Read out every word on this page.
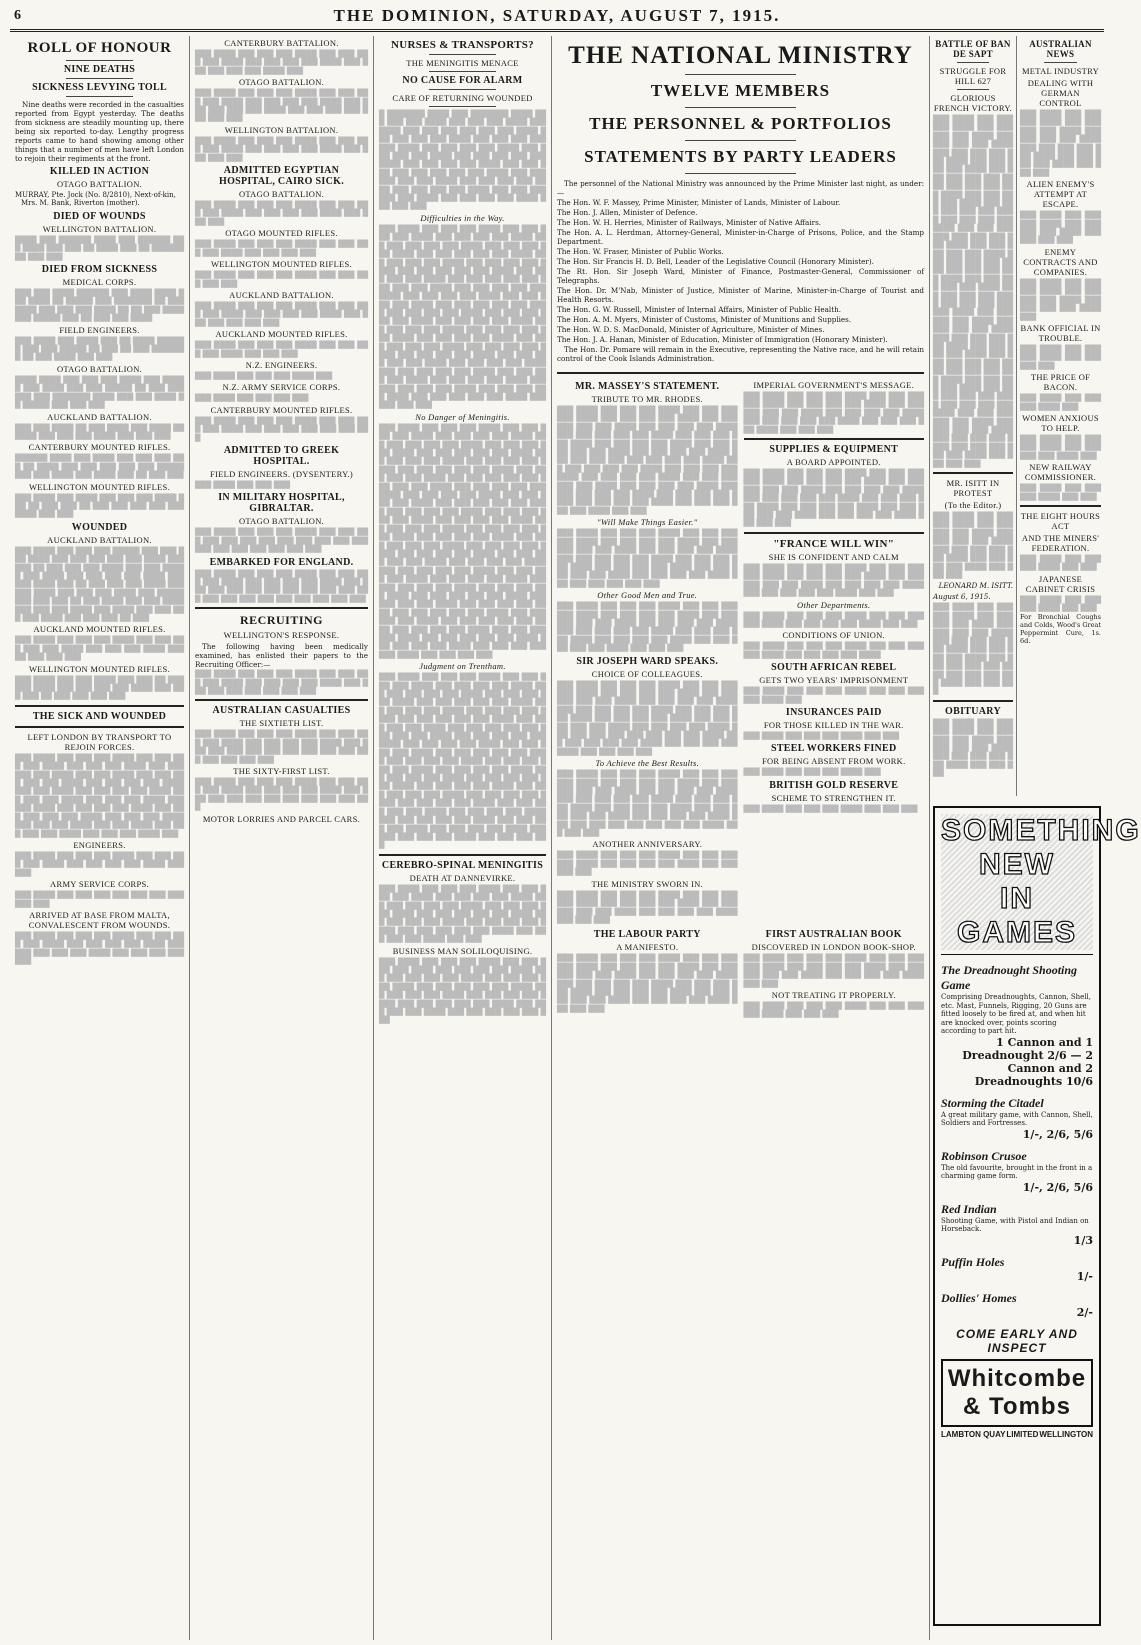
6	THE DOMINION, SATURDAY, AUGUST 7, 1915.
ROLL OF HONOUR
NINE DEATHS
SICKNESS LEVYING TOLL

Nine deaths were recorded in the casualties reported from Egypt yesterday. The deaths from sickness are steadily mounting up, there being six reported to-day. Lengthy progress reports came to hand showing among other things that a number of men have left London to rejoin their regiments at the front.

KILLED IN ACTION
OTAGO BATTALION.

MURRAY, Pte. Jock (No. 8/2810), Next-of-kin, Mrs. M. Bank, Riverton (mother).

DIED OF WOUNDS
WELLINGTON BATTALION.

████ ███ ██████ ████ ███ ██████ ███ ████ ███ ███ ██ ████ ███ ██ ████████ ███ ███

DIED FROM SICKNESS
MEDICAL CORPS.

███ ███ ████ ██████ ███ ████ ████ ███ ████ ██ █████ ███ ███████ ██ ███ ████ ███ ███ ███ ████ ██ ██ ███ ███████ █████ ███ ██ ███ ███ ████

FIELD ENGINEERS.

███ ████ ███ ████ ███ ██ ████ ██████ ███ ███ █████ ██ ███ ██ ███ ███████ ██ ███ ████ ███ ███

OTAGO BATTALION.

████ ████ ███ ███ ███ ████ ███ █████ ███ ████ ███ ███ █████ ██ ███ ███ ███ ███ ███████ ████ ███ ███ ████ ██ █████ ███ ███ ███

AUCKLAND BATTALION.

███ ███ ████ ██ ███ ████ ███ ████ ██ ████ ███ ███ ███ ████ ███ ███ ███

CANTERBURY MOUNTED RIFLES.

██████ ████ ███ ████ ███ ███ ███ ███ ██ ████ ███ ███ ███ ███ ███ █████ ███ ███ ████ ███ ████ ███ ██ ███ ███

WELLINGTON MOUNTED RIFLES.

███ ████ ███ ████ ███ ███ ███ ████ ███ ██ ███ ███ ██ ███ ███ ███ ███ ███ ████ ███ ███

WOUNDED
AUCKLAND BATTALION.

███ ████ ███ ███ ███ █████ ███ ███ ███ ████ ███ ███ ███ ███ ███ ████ ███ ███ ██ ███ ███ ███ ████ ███ ███ █████ ███ ████ ███ ███ ███ ███ ████ ███ ███ ████ ███ ██ ███ ███ ███ ████ ███ ███ ████ ███ ███ ███ ████ ███ █████ ███ ███ ███ ██ ███ ████ ███ ███ ████ ███ ███ ███ ████ ███ ████ ███ ███ ███ ███ ████ ███ ███ ███ ██ ███

AUCKLAND MOUNTED RIFLES.

███ ████ ███ ███ ███ ████ ███ ███ ███ ███ ███ ████ ███ ███ ███ ████ ███ ██ ███ ███ ███

WELLINGTON MOUNTED RIFLES.

███ ████ ███ ███ ████ ███ ███ ██ ███ ███ ████ ███ ███ ███ ███ ████ ███ ███ ███ ██ ███ ███ ███ ███

THE SICK AND WOUNDED
LEFT LONDON BY TRANSPORT TO REJOIN FORCES.

███ ████ ███ ███ ███ ████ ███ ███ ███ ███ ████ ███ ███ ███ ████ ███ ███ ███ ███ ████ ███ ███ ████ ███ ███ ███ ███ ███ ████ ███ ███ ███ ███ ████ ███ ███ ████ ███ ███ ███ ███ ████ ███ ███ ███ ████ ███ ███ ███ ████ ███ ███ ████ ███ ███ ███ ███ ████ ███ ███ ███ ███ ███ ████ ███ ███ ███ ████ ███ ███ ███ ████ ███ ███ ████ ███ ███ ███ ███ ████ ███ ███ ███ ████ ███

ENGINEERS.

███ ████ ███ ███ ███ ████ ███ ███ ███ ███ ████ ███ ███ ███ ███ ████ ███ ███

ARMY SERVICE CORPS.

███ ████ ███ ███ ███ ███ ███ ███ ███ ███ ███

ARRIVED AT BASE FROM MALTA, CONVALESCENT FROM WOUNDS.

███ ████ ███ ███ ███ ████ ███ ███ ███ ███ ████ ███ ███ ███ ███ ████ ███ ███ ███ ███ ███ ████ ███ ███ ███ ███ ███

CANTERBURY BATTALION.

███ ████ ███ ███ ███ ████ ███ ███ ███ ███ ████ ███ ███ ███ ███ ████ ███ ███ ███ ███ ███ ████ ███

OTAGO BATTALION.

███ ████ ███ ███ ███ ████ ███ ███ ███ ███ ████ ███ ███ ███ ███ ████ ███ ███ ███ ███ ███ ████ ███ ███ ███ ███ ███ ███ ███

WELLINGTON BATTALION.

███ ████ ███ ███ ███ ████ ███ ███ ███ ███ ████ ███ ███ ███ ███ ████ ███ ███ ███ ███

ADMITTED EGYPTIAN HOSPITAL, CAIRO SICK.
OTAGO BATTALION.

███ ████ ███ ███ ███ ████ ███ ███ ███ ███ ████ ███ ███ ███ ███ ████ ███ ███ ███

OTAGO MOUNTED RIFLES.

███ ████ ███ ███ ███ ████ ███ ███ ███ ███ ████ ███ ███ ███ ███

WELLINGTON MOUNTED RIFLES.

███ ████ ███ ███ ███ ████ ███ ███ ███ ███ ███

AUCKLAND BATTALION.

███ ████ ███ ███ ███ ████ ███ ███ ███ ███ ████ ███ ███ ███ ███ ████ ███ ███ ███ ███ ███ ███

AUCKLAND MOUNTED RIFLES.

███ ████ ███ ███ ███ ████ ███ ███ ███ ███ ████ ███ ███ ███

N.Z. ENGINEERS.

███ ████ ███ ███ ███ ████ ███

N.Z. ARMY SERVICE CORPS.

███ ████ ███ ███ ███ ███

CANTERBURY MOUNTED RIFLES.

███ ████ ███ ███ ███ ████ ███ ███ ███ ███ ████ ███ ███ ███ ███ ███ ███ ███

ADMITTED TO GREEK HOSPITAL.
FIELD ENGINEERS. (DYSENTERY.)

███ ████ ███ ███ ███

IN MILITARY HOSPITAL, GIBRALTAR.
OTAGO BATTALION.

███ ████ ███ ███ ███ ████ ███ ███ ███ ███ ███ ███ ███ ███ ███ ███ ███ ███ ███ ███ ███ ███ ███ ███ ███

EMBARKED FOR ENGLAND.

███ ████ ███ ███ ███ ████ ███ ███ ███ ███ ████ ███ ███ ███ ███ ████ ███ ███ ███ ███ ███ ███ ███ ███ ███ ███ ███ ███ ███ ███ ███ ███ ███ ███ ███ ███

RECRUITING
WELLINGTON'S RESPONSE.

The following having been medically examined, has enlisted their papers to the Recruiting Officer:—

███ ████ ███ ███ ███ ████ ███ ███ ███ ███ ████ ███ ███ ███ ███ ████ ███ ███ ███ ███ ███ ███ ███ ███

AUSTRALIAN CASUALTIES
THE SIXTIETH LIST.

███ ████ ███ ███ ███ ████ ███ ███ ███ ███ ████ ███ ███ ███ ███ ████ ███ ███ ███ ███ ███ ███ ███ ███ ███ ███ ███ ███ ███ ███ ███

THE SIXTY-FIRST LIST.

███ ████ ███ ███ ███ ████ ███ ███ ███ ███ ████ ███ ███ ███ ███ ████ ███ ███ ███ ███ ███ ███ ███ ███ ███ ███ ███

MOTOR LORRIES AND PARCEL CARS.
NURSES & TRANSPORTS?
THE MENINGITIS MENACE
NO CAUSE FOR ALARM
CARE OF RETURNING WOUNDED

█ ███████ ████ ███ ███████ ████ ███ ███ ███ ████ ███ ███ ███ ████ ███ ████ ███ ███ ███ ███ ███ ███ ████ ███ ███ ███ ███ ████ ███ ███ ███ ███ ███ ████ ███ ███ ███ ███ ████ ███ ███ ███ ███ ████ ███ ███ ███ ███ ███ ████ ███ ███ ███ ███ ████ ███ ███ ███ ███ ███ ███ ███ ███ ████ ███ ███ ███ ███ ███ ████ ███ ███ ███ ███ ████ ███ ███ ███ ███ ████ ███ ███ ███ ███ ███ ████ ███ ███ ███ ███ ████ ███ ███ ███

Difficulties in the Way.

███ ████ ███ ███ ███ ████ ███ ███ ███ ███ ████ ███ ███ ███ ███ ████ ███ ███ ███ ███ ███ ████ ███ ███ ███ ███ ████ ███ ███ ███ ███ ███ ████ ███ ███ ███ ███ ████ ███ ███ ███ ███ ████ ███ ███ ███ ███ ███ ████ ███ ███ ███ ███ ████ ███ ███ ███ ███ ███ ███ ███ ███ ████ ███ ███ ███ ███ ███ ████ ███ ███ ███ ███ ████ ███ ███ ███ ███ ████ ███ ███ ███ ███ ███ ████ ███ ███ ███ ███ ████ ███ ███ ███ ███ ███ ████ ███ ███ ███ ███ ████ ███ ███ ███ ███ ████ ███ ███ ███ ███ ███ ████ ███ ███ ███ ███ ████ ███ ███ ███ ███ ███ ████ ███ ███ ███ ███ ████ ███ ███ ███ ███ ████ ███ ███ ███ ███ ███ ████ ███ ███ ███ ███ ████ ███ ███ ███ ███ ███ ████ ███ ███ ███ ███ ████ ███ ███ ███ ███ ████ ███ ███ ███ ███ ███ ████ ███ ███ ███ ███ ████ ███ ███ ███ ███ ███ ████ ███ ███ ███ ███

No Danger of Meningitis.

███ ████ ███ ███ ███ ████ ███ ███ ███ ███ ████ ███ ███ ███ ███ ████ ███ ███ ███ ███ ███ ████ ███ ███ ███ ███ ████ ███ ███ ███ ███ ███ ████ ███ ███ ███ ███ ████ ███ ███ ███ ███ ████ ███ ███ ███ ███ ███ ████ ███ ███ ███ ███ ████ ███ ███ ███ ███ ███ ███ ███ ███ ████ ███ ███ ███ ███ ███ ████ ███ ███ ███ ███ ████ ███ ███ ███ ███ ████ ███ ███ ███ ███ ███ ████ ███ ███ ███ ███ ████ ███ ███ ███ ███ ███ ████ ███ ███ ███ ███ ████ ███ ███ ███ ███ ████ ███ ███ ███ ███ ███ ████ ███ ███ ███ ███ ████ ███ ███ ███ ███ ███ ████ ███ ███ ███ ███ ████ ███ ███ ███ ███ ████ ███ ███ ███ ███ ███ ████ ███ ███ ███ ███ ████ ███ ███ ███ ███ ███ ████ ███ ███ ███ ███ ████ ███ ███ ███ ███ ████ ███ ███ ███ ███ ███ ████ ███ ███ ███ ███ ████ ███ ███ ███ ███ ███ ████ ███ ███ ███ ███ ████ ███ ███ ███ ███ ████ ███ ███ ███ ███ ███ ████ ███ ███ ███ ███ ████ ███ ███ ███ ███ ███ ████ ███ ███ ███ ███ ████ ███ ███ ███ ███ ████ ███ ███ ███ ███ ███ ████ ███ ███ ███ ███ ████ ███ ███ ███ ███ ███ ████ ███ ███ ███ ███

Judgment on Trentham.

███ ████ ███ ███ ███ ████ ███ ███ ███ ███ ████ ███ ███ ███ ███ ████ ███ ███ ███ ███ ███ ████ ███ ███ ███ ███ ████ ███ ███ ███ ███ ███ ████ ███ ███ ███ ███ ████ ███ ███ ███ ███ ████ ███ ███ ███ ███ ███ ████ ███ ███ ███ ███ ████ ███ ███ ███ ███ ███ ███ ███ ███ ████ ███ ███ ███ ███ ███ ████ ███ ███ ███ ███ ████ ███ ███ ███ ███ ████ ███ ███ ███ ███ ███ ████ ███ ███ ███ ███ ████ ███ ███ ███ ███ ███ ████ ███ ███ ███ ███ ████ ███ ███ ███ ███ ████ ███ ███ ███ ███ ███ ████ ███ ███ ███ ███ ████ ███ ███ ███ ███ ███ ████ ███ ███ ███ ███ ████ ███ ███ ███ ███ ████ ███ ███ ███ ███ ███ ████ ███ ███ ███ ███ ████ ███ ███ ███ ███ ███ ████ ███ ███ ███ ███ ████ ███ ███ ███ ███ ████ ███ ███ ███ ███ ███ ████ ███ ███ ███ ███

CEREBRO-SPINAL MENINGITIS
DEATH AT DANNEVIRKE.

███ ████ ███ ███ ███ ████ ███ ███ ███ ███ ████ ███ ███ ███ ███ ████ ███ ███ ███ ███ ███ ████ ███ ███ ███ ███ ████ ███ ███ ███ ███ ███ ████ ███ ███ ███ ███ ████ ███ ███ ███ ███ ████ ███ ███ ███ ███ ███ ████ ███ ███ ███ ███ ████ ███ ███

BUSINESS MAN SOLILOQUISING.

███ ████ ███ ███ ███ ████ ███ ███ ███ ███ ████ ███ ███ ███ ███ ████ ███ ███ ███ ███ ███ ████ ███ ███ ███ ███ ████ ███ ███ ███ ███ ███ ████ ███ ███ ███ ███ ████ ███ ███ ███ ███ ████ ███ ███ ███ ███ ███ ████ ███ ███ ███ ███ ████ ███ ███ ███ ███ ███ ███

THE NATIONAL MINISTRY
TWELVE MEMBERS
THE PERSONNEL & PORTFOLIOS
STATEMENTS BY PARTY LEADERS

The personnel of the National Ministry was announced by the Prime Minister last night, as under:—

The Hon. W. F. Massey, Prime Minister, Minister of Lands, Minister of Labour.

The Hon. J. Allen, Minister of Defence.

The Hon. W. H. Herries, Minister of Railways, Minister of Native Affairs.

The Hon. A. L. Herdman, Attorney-General, Minister-in-Charge of Prisons, Police, and the Stamp Department.

The Hon. W. Fraser, Minister of Public Works.

The Hon. Sir Francis H. D. Bell, Leader of the Legislative Council (Honorary Minister).

The Rt. Hon. Sir Joseph Ward, Minister of Finance, Postmaster-General, Commissioner of Telegraphs.

The Hon. Dr. M'Nab, Minister of Justice, Minister of Marine, Minister-in-Charge of Tourist and Health Resorts.

The Hon. G. W. Russell, Minister of Internal Affairs, Minister of Public Health.

The Hon. A. M. Myers, Minister of Customs, Minister of Munitions and Supplies.

The Hon. W. D. S. MacDonald, Minister of Agriculture, Minister of Mines.

The Hon. J. A. Hanan, Minister of Education, Minister of Immigration (Honorary Minister).

The Hon. Dr. Pomare will remain in the Executive, representing the Native race, and he will retain control of the Cook Islands Administration.

MR. MASSEY'S STATEMENT.
TRIBUTE TO MR. RHODES.

███ ████ ███ ███ ███ ████ ███ ███ ███ ███ ████ ███ ███ ███ ███ ████ ███ ███ ███ ███ ███ ████ ███ ███ ███ ███ ████ ███ ███ ███ ███ ███ ████ ███ ███ ███ ███ ████ ███ ███ ███ ███ ████ ███ ███ ███ ███ ███ ████ ███ ███ ███ ███ ████ ███ ███ ███ ███ ███ ███ ███ ███ ████ ███ ███ ███ ███ ███ ████ ███ ███ ███ ███ ████ ███ ███ ███ ███ ████ ███ ███ ███ ███ ███ ████ ███ ███ ███ ███ ████ ███ ███ ███ ███ ███ ████ ███ ███ ███ ███ ████ ███ ███ ███ ███ ████ ███ ███ ███ ███ ███ ████ ███ ███

"Will Make Things Easier."

███ ████ ███ ███ ███ ████ ███ ███ ███ ███ ████ ███ ███ ███ ███ ████ ███ ███ ███ ███ ███ ████ ███ ███ ███ ███ ████ ███ ███ ███ ███ ███ ████ ███ ███ ███ ███ ████ ███ ███ ███ ███ ████ ███ ███ ███ ███ ███ ████ ███ ███ ███ ███ ████ ███ ███ ███ ███ ███ ███

Other Good Men and True.

███ ████ ███ ███ ███ ████ ███ ███ ███ ███ ████ ███ ███ ███ ███ ████ ███ ███ ███ ███ ███ ████ ███ ███ ███ ███ ████ ███ ███ ███ ███ ███ ████ ███ ███ ███ ███ ████ ███ ███ ███ ███ ████ ███ ███ ███ ███ ███ ████ ███ ███ ███

SIR JOSEPH WARD SPEAKS.
CHOICE OF COLLEAGUES.

███ ████ ███ ███ ███ ████ ███ ███ ███ ███ ████ ███ ███ ███ ███ ████ ███ ███ ███ ███ ███ ████ ███ ███ ███ ███ ████ ███ ███ ███ ███ ███ ████ ███ ███ ███ ███ ████ ███ ███ ███ ███ ████ ███ ███ ███ ███ ███ ████ ███ ███ ███ ███ ████ ███ ███ ███ ███ ███ ███ ███ ███ ████ ███ ███ ███ ███ ███ ████ ███ ███ ███ ███ ████ ███ ███ ███ ███

To Achieve the Best Results.

███ ████ ███ ███ ███ ████ ███ ███ ███ ███ ████ ███ ███ ███ ███ ████ ███ ███ ███ ███ ███ ████ ███ ███ ███ ███ ████ ███ ███ ███ ███ ███ ████ ███ ███ ███ ███ ████ ███ ███ ███ ███ ████ ███ ███ ███ ███ ███ ████ ███ ███ ███ ███ ████ ███ ███ ███ ███ ███ ███ ███ ███ ████ ███ ███ ███

ANOTHER ANNIVERSARY.

███ ████ ███ ███ ███ ████ ███ ███ ███ ███ ████ ███ ███ ███ ███ ████ ███ ███ ███ ███

THE MINISTRY SWORN IN.

███ ████ ███ ███ ███ ████ ███ ███ ███ ███ ████ ███ ███ ███ ███ ████ ███ ███ ███ ███ ███ ████ ███ ███ ███ ███ ████ ███ ███ ███

IMPERIAL GOVERNMENT'S MESSAGE.

███ ████ ███ ███ ███ ████ ███ ███ ███ ███ ████ ███ ███ ███ ███ ████ ███ ███ ███ ███ ███ ████ ███ ███ ███ ███ ████ ███ ███ ███ ███ ███ ████ ███ ███ ███ ███ ████ ███ ███ ███

SUPPLIES & EQUIPMENT
A BOARD APPOINTED.

███ ████ ███ ███ ███ ████ ███ ███ ███ ███ ████ ███ ███ ███ ███ ████ ███ ███ ███ ███ ███ ████ ███ ███ ███ ███ ████ ███ ███ ███ ███ ███ ████ ███ ███ ███ ███ ████ ███ ███ ███ ███ ████ ███ ███ ███ ███ ███ ████ ███ ███ ███ ███ ████ ███ ███ ███

"FRANCE WILL WIN"
SHE IS CONFIDENT AND CALM

███ ████ ███ ███ ███ ████ ███ ███ ███ ███ ████ ███ ███ ███ ███ ████ ███ ███ ███ ███ ███ ████ ███ ███ ███ ███ ████ ███ ███ ███ ███ ███ ████ ███ ███

Other Departments.

███ ████ ███ ███ ███ ████ ███ ███ ███ ███ ████ ███ ███ ███ ███ ████ ███ ███

CONDITIONS OF UNION.

███ ████ ███ ███ ███ ████ ███ ███ ███ ███ ████ ███ ███ ███ ███ ████

SOUTH AFRICAN REBEL
GETS TWO YEARS' IMPRISONMENT

███ ████ ███ ███ ███ ████ ███ ███ ███ ███ ████ ███

INSURANCES PAID
FOR THOSE KILLED IN THE WAR.

███ ████ ███ ███ ███ ████ ███ ███

STEEL WORKERS FINED
FOR BEING ABSENT FROM WORK.

███ ████ ███ ███ ███ ████ ███

BRITISH GOLD RESERVE
SCHEME TO STRENGTHEN IT.

███ ████ ███ ███ ███ ████ ███ ███ ███

THE LABOUR PARTY
A MANIFESTO.

███ ████ ███ ███ ███ ████ ███ ███ ███ ███ ████ ███ ███ ███ ███ ████ ███ ███ ███ ███ ███ ████ ███ ███ ███ ███ ████ ███ ███ ███ ███ ███ ████ ███ ███ ███ ███ ████ ███ ███ ███ ███ ████ ███ ███ ███ ███ ███ ████ ███ ███ ███ ███ ████ ███ ███ ███

FIRST AUSTRALIAN BOOK
DISCOVERED IN LONDON BOOK-SHOP.

███ ████ ███ ███ ███ ████ ███ ███ ███ ███ ████ ███ ███ ███ ███ ████ ███ ███ ███ ███ ███ ████ ███ ███ ███ ███ ████ ███ ███

NOT TREATING IT PROPERLY.

███ ████ ███ ███ ███ ████ ███ ███ ███ ███ ████ ███ ███ ███

BATTLE OF BAN DE SAPT
STRUGGLE FOR HILL 627
GLORIOUS FRENCH VICTORY.

███ ████ ███ ███ ███ ████ ███ ███ ███ ███ ████ ███ ███ ███ ███ ████ ███ ███ ███ ███ ███ ████ ███ ███ ███ ███ ████ ███ ███ ███ ███ ███ ████ ███ ███ ███ ███ ████ ███ ███ ███ ███ ████ ███ ███ ███ ███ ███ ████ ███ ███ ███ ███ ████ ███ ███ ███ ███ ███ ███ ███ ███ ████ ███ ███ ███ ███ ███ ████ ███ ███ ███ ███ ████ ███ ███ ███ ███ ████ ███ ███ ███ ███ ███ ████ ███ ███ ███ ███ ████ ███ ███ ███ ███ ███ ████ ███ ███ ███ ███ ████ ███ ███ ███ ███ ████ ███ ███ ███ ███ ███ ████ ███ ███ ███ ███ ████ ███ ███ ███ ███ ███ ████ ███ ███ ███ ███ ████ ███ ███ ███ ███ ████ ███ ███ ███ ███ ███ ████ ███ ███ ███ ███ ████ ███ ███ ███ ███ ███ ████ ███ ███ ███ ███ ████ ███ ███ ███ ███ ████ ███ ███ ███ ███ ███ ████ ███ ███ ███ ███

MR. ISITT IN PROTEST
(To the Editor.)

███ ████ ███ ███ ███ ████ ███ ███ ███ ███ ████ ███ ███ ███ ███ ████ ███ ███ ███ ███ ███ ████ ███ ███ ███ ███ ████ ███ ███ ███

LEONARD M. ISITT.
August 6, 1915.

███ ████ ███ ███ ███ ████ ███ ███ ███ ███ ████ ███ ███ ███ ███ ████ ███ ███ ███ ███ ███ ████ ███ ███ ███ ███ ████ ███ ███ ███ ███ ███ ████ ███ ███ ███ ███ ████ ███ ███ ███

OBITUARY

███ ████ ███ ███ ███ ████ ███ ███ ███ ███ ████ ███ ███ ███ ███ ████ ███ ███ ███ ███ ███ ████ ███ ███ ███

AUSTRALIAN NEWS
METAL INDUSTRY
DEALING WITH GERMAN CONTROL

███ ████ ███ ███ ███ ████ ███ ███ ███ ███ ████ ███ ███ ███ ███ ████ ███ ███ ███ ███ ███ ████ ███ ███ ███ ███ ████ ███ ███ ███

ALIEN ENEMY'S ATTEMPT AT ESCAPE.

███ ████ ███ ███ ███ ████ ███ ███ ███ ███ ████ ███ ███ ███ ███

ENEMY CONTRACTS AND COMPANIES.

███ ████ ███ ███ ███ ████ ███ ███ ███ ███ ████ ███ ███ ███ ███ ████ ███

BANK OFFICIAL IN TROUBLE.

███ ████ ███ ███ ███ ████ ███ ███ ███ ███

THE PRICE OF BACON.

███ ████ ███ ███ ███ ████ ███

WOMEN ANXIOUS TO HELP.

███ ████ ███ ███ ███ ████ ███ ███ ███ ███ ████ ███

NEW RAILWAY COMMISSIONER.

███ ████ ███ ███ ███ ████ ███ ███

THE EIGHT HOURS ACT
AND THE MINERS' FEDERATION.

███ ████ ███ ███ ███ ████ ███ ███

JAPANESE CABINET CRISIS

███ ████ ███ ███ ███ ████ ███ ███

For Bronchial Coughs and Colds, Wood's Great Peppermint Cure, 1s. 6d.

SOMETHING NEW
IN GAMES
The Dreadnought Shooting Game
Comprising Dreadnoughts, Cannon, Shell, etc. Mast, Funnels, Rigging, 20 Guns are fitted loosely to be fired at, and when hit are knocked over, points scoring according to part hit.
1 Cannon and 1 Dreadnought 2/6 — 2 Cannon and 2 Dreadnoughts 10/6
Storming the Citadel
A great military game, with Cannon, Shell, Soldiers and Fortresses.
1/-, 2/6, 5/6
Robinson Crusoe
The old favourite, brought in the front in a charming game form.
1/-, 2/6, 5/6
Red Indian
Shooting Game, with Pistol and Indian on Horseback.
1/3
Puffin Holes
1/-
Dollies' Homes
2/-
COME EARLY AND INSPECT
Whitcombe & Tombs
LAMBTON QUAY LIMITED WELLINGTON
